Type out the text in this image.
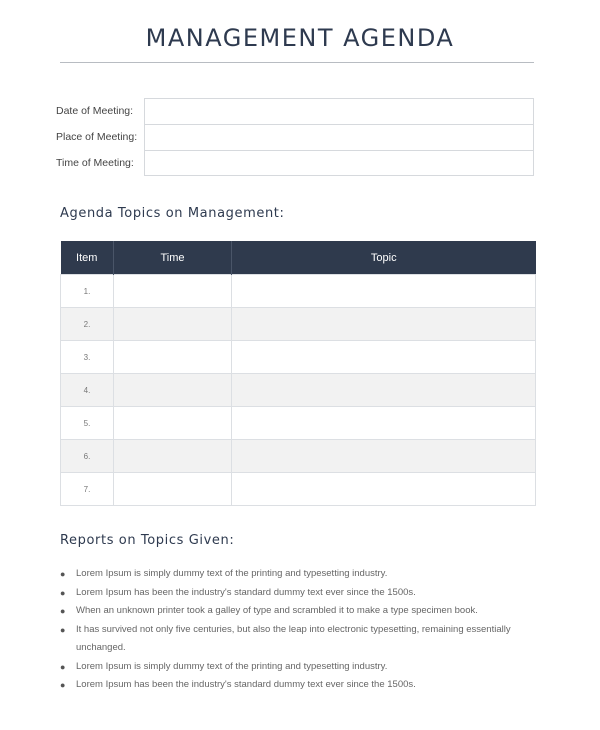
MANAGEMENT AGENDA
Date of Meeting:
Place of Meeting:
Time of Meeting:
Agenda Topics on Management:
Item	Time	Topic
1.		
2.		
3.		
4.		
5.		
6.		
7.		
Reports on Topics Given:
● Lorem Ipsum is simply dummy text of the printing and typesetting industry.
● Lorem Ipsum has been the industry's standard dummy text ever since the 1500s.
● When an unknown printer took a galley of type and scrambled it to make a type specimen book.
● It has survived not only five centuries, but also the leap into electronic typesetting, remaining essentially unchanged.
● Lorem Ipsum is simply dummy text of the printing and typesetting industry.
● Lorem Ipsum has been the industry's standard dummy text ever since the 1500s.
